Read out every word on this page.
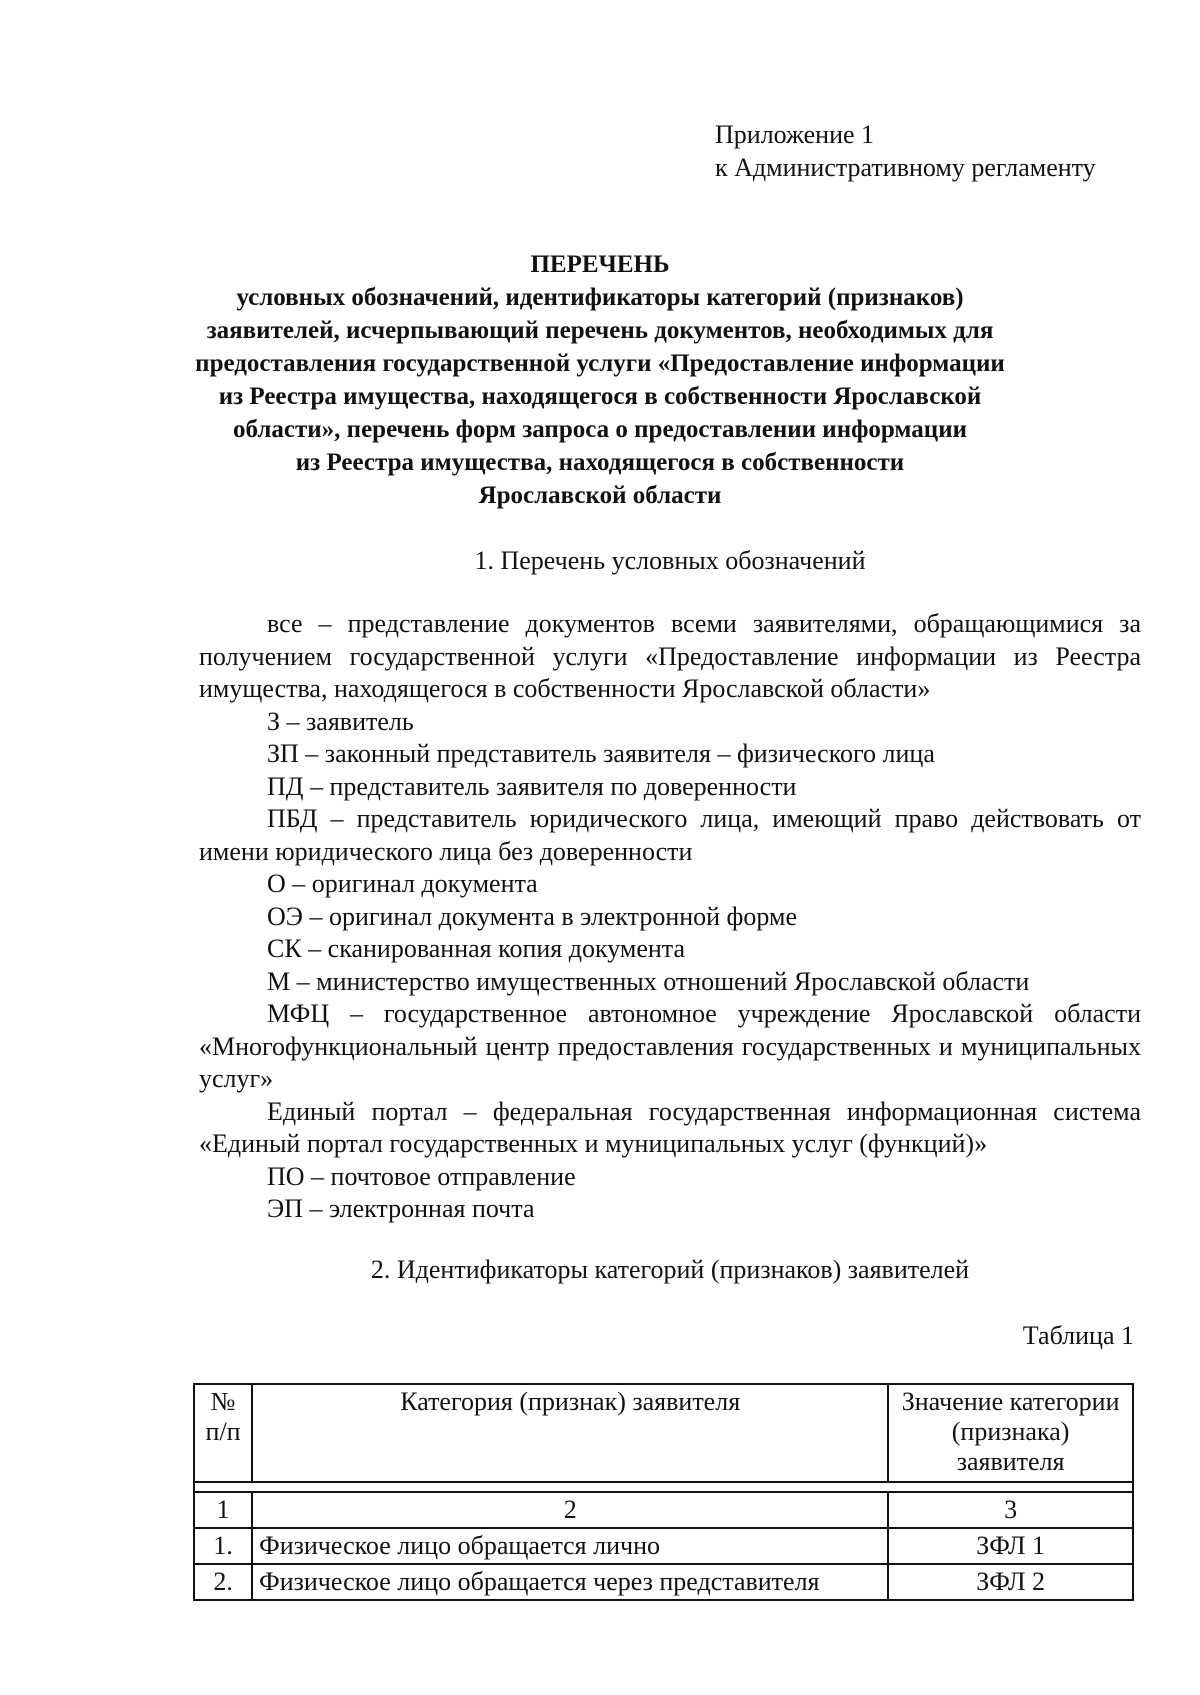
Приложение 1
к Административному регламенту
ПЕРЕЧЕНЬ
условных обозначений, идентификаторы категорий (признаков)
заявителей, исчерпывающий перечень документов, необходимых для
предоставления государственной услуги «Предоставление информации
из Реестра имущества, находящегося в собственности Ярославской
области», перечень форм запроса о предоставлении информации
из Реестра имущества, находящегося в собственности
Ярославской области
1. Перечень условных обозначений

все – представление документов всеми заявителями, обращающимися за получением государственной услуги «Предоставление информации из Реестра имущества, находящегося в собственности Ярославской области»

З – заявитель

ЗП – законный представитель заявителя – физического лица

ПД – представитель заявителя по доверенности

ПБД – представитель юридического лица, имеющий право действовать от имени юридического лица без доверенности

О – оригинал документа

ОЭ – оригинал документа в электронной форме

СК – сканированная копия документа

М – министерство имущественных отношений Ярославской области

МФЦ – государственное автономное учреждение Ярославской области «Многофункциональный центр предоставления государственных и муниципальных услуг»

Единый портал – федеральная государственная информационная система «Единый портал государственных и муниципальных услуг (функций)»

ПО – почтовое отправление

ЭП – электронная почта

2. Идентификаторы категорий (признаков) заявителей
Таблица 1
№ п/п	Категория (признак) заявителя	Значение категории (признака) заявителя

1	2	3
1.	Физическое лицо обращается лично	ЗФЛ 1
2.	Физическое лицо обращается через представителя	ЗФЛ 2
